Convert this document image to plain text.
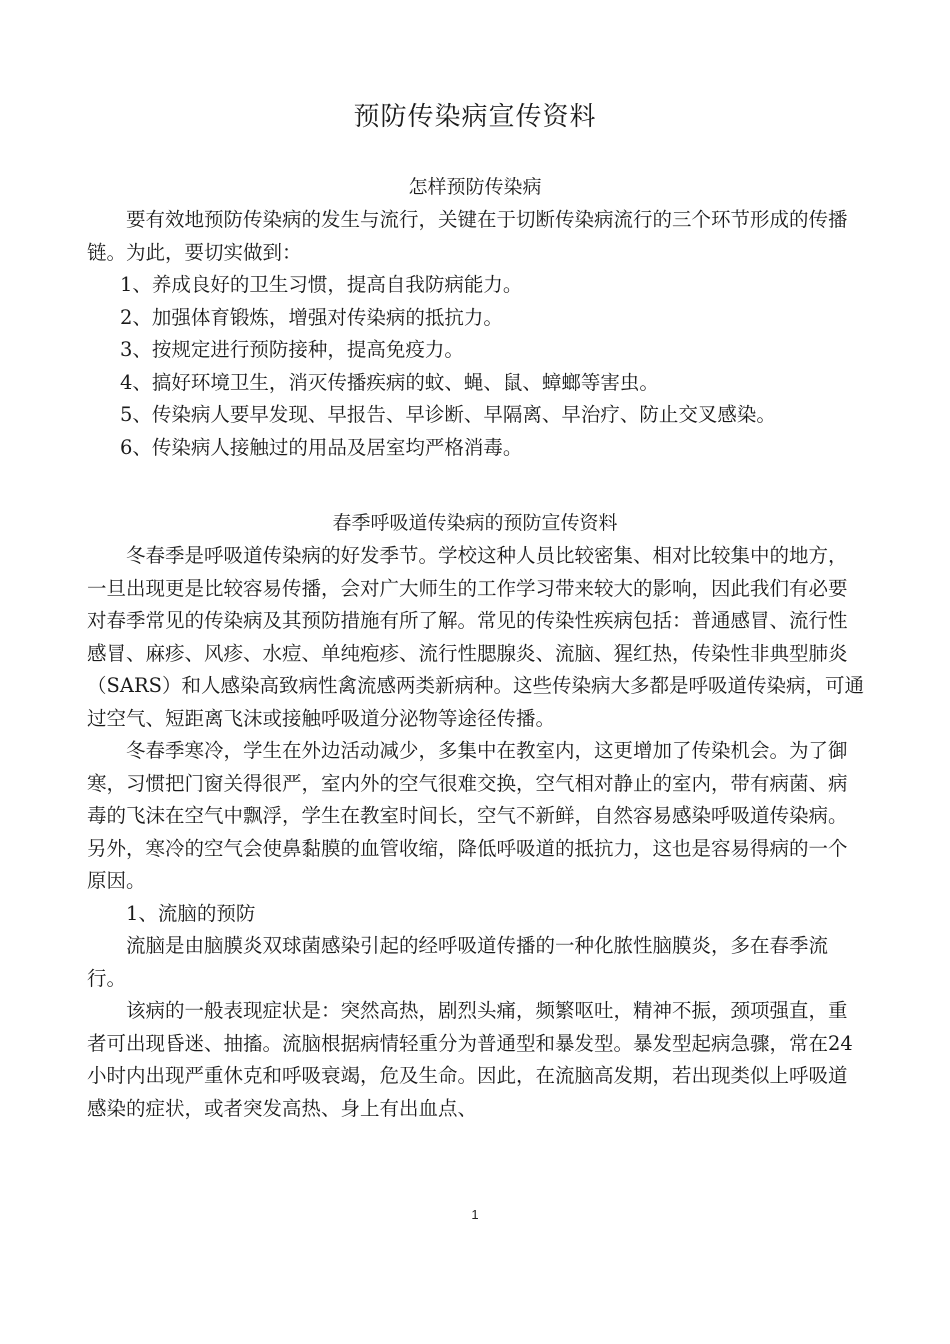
预防传染病宣传资料
怎样预防传染病

要有效地预防传染病的发生与流行，关键在于切断传染病流行的三个环节形成的传播链。为此，要切实做到：

1、养成良好的卫生习惯，提高自我防病能力。

2、加强体育锻炼，增强对传染病的抵抗力。

3、按规定进行预防接种，提高免疫力。

4、搞好环境卫生，消灭传播疾病的蚊、蝇、鼠、蟑螂等害虫。

5、传染病人要早发现、早报告、早诊断、早隔离、早治疗、防止交叉感染。

6、传染病人接触过的用品及居室均严格消毒。

春季呼吸道传染病的预防宣传资料

冬春季是呼吸道传染病的好发季节。学校这种人员比较密集、相对比较集中的地方，一旦出现更是比较容易传播，会对广大师生的工作学习带来较大的影响，因此我们有必要对春季常见的传染病及其预防措施有所了解。常见的传染性疾病包括：普通感冒、流行性感冒、麻疹、风疹、水痘、单纯疱疹、流行性腮腺炎、流脑、猩红热，传染性非典型肺炎（SARS）和人感染高致病性禽流感两类新病种。这些传染病大多都是呼吸道传染病，可通过空气、短距离飞沫或接触呼吸道分泌物等途径传播。

冬春季寒冷，学生在外边活动减少，多集中在教室内，这更增加了传染机会。为了御寒，习惯把门窗关得很严，室内外的空气很难交换，空气相对静止的室内，带有病菌、病毒的飞沫在空气中飘浮，学生在教室时间长，空气不新鲜，自然容易感染呼吸道传染病。另外，寒冷的空气会使鼻黏膜的血管收缩，降低呼吸道的抵抗力，这也是容易得病的一个原因。

1、流脑的预防

流脑是由脑膜炎双球菌感染引起的经呼吸道传播的一种化脓性脑膜炎，多在春季流行。

该病的一般表现症状是：突然高热，剧烈头痛，频繁呕吐，精神不振，颈项强直，重者可出现昏迷、抽搐。流脑根据病情轻重分为普通型和暴发型。暴发型起病急骤，常在24小时内出现严重休克和呼吸衰竭，危及生命。因此，在流脑高发期，若出现类似上呼吸道感染的症状，或者突发高热、身上有出血点、

1
